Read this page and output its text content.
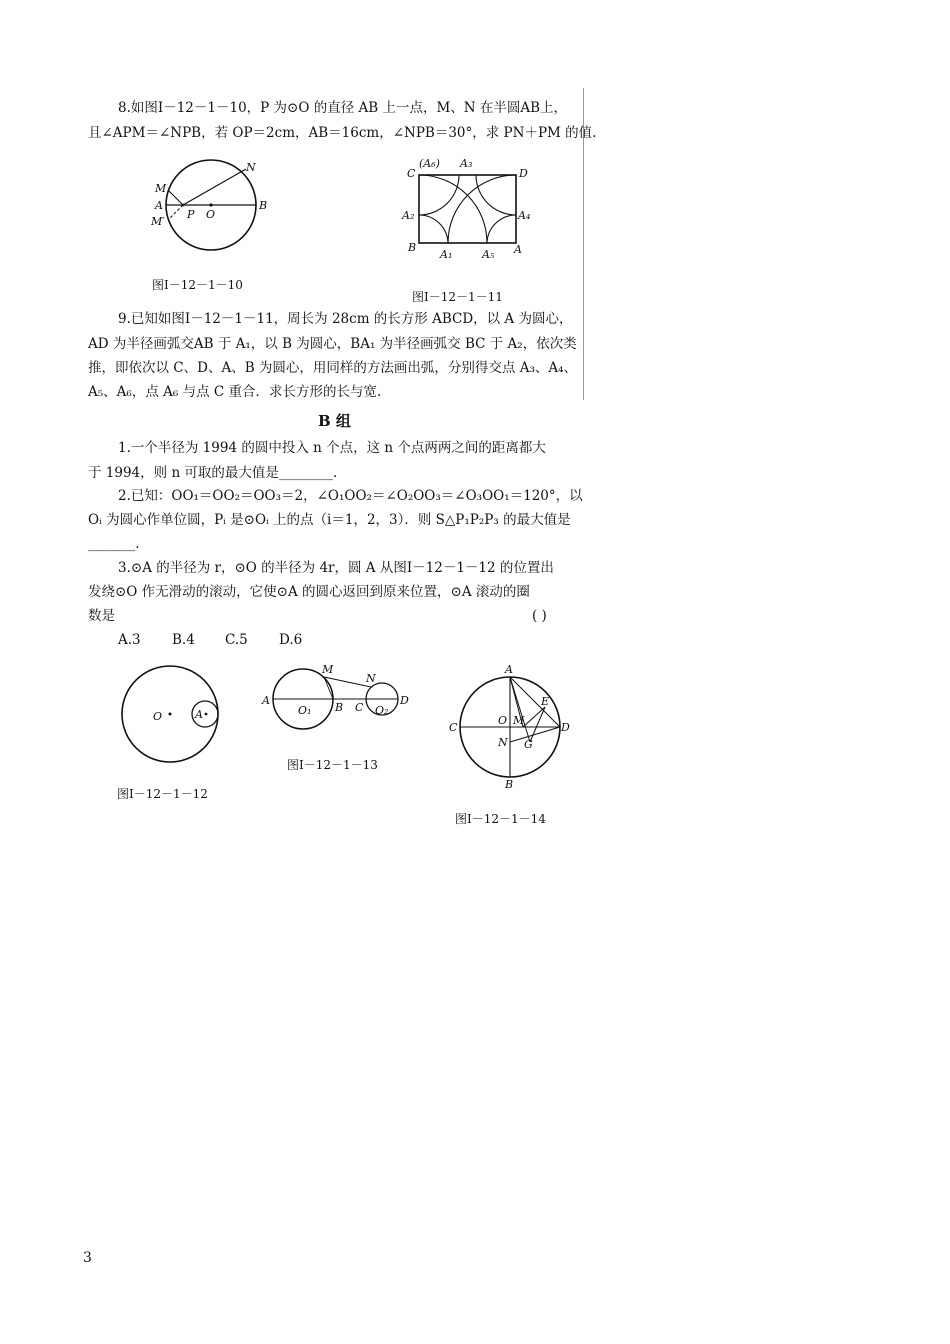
8.如图Ⅰ－12－1－10，P 为⊙O 的直径 AB 上一点，M、N 在半圆AB上，
且∠APM＝∠NPB，若 OP＝2cm，AB＝16cm，∠NPB＝30°，求 PN＋PM 的值.
N
M
A
M′
P O
B
图Ⅰ－12－1－10
C
(A₆) A₃
D
A₂	A₄
B
A₁	A₅ A
图Ⅰ－12－1－11
9.已知如图Ⅰ－12－1－11，周长为 28cm 的长方形 ABCD，以 A 为圆心，
AD 为半径画弧交AB 于 A₁，以 B 为圆心，BA₁ 为半径画弧交 BC 于 A₂，依次类
推，即依次以 C、D、A、B 为圆心，用同样的方法画出弧，分别得交点 A₃、A₄、
A₅、A₆，点 A₆ 与点 C 重合．求长方形的长与宽.
B 组
1.一个半径为 1994 的圆中投入 n 个点，这 n 个点两两之间的距离都大
于 1994，则 n 可取的最大值是________.
2.已知：OO₁＝OO₂＝OO₃＝2，∠O₁OO₂＝∠O₂OO₃＝∠O₃OO₁＝120°，以
Oᵢ 为圆心作单位圆，Pᵢ 是⊙Oᵢ 上的点（i＝1，2，3）．则 S△P₁P₂P₃ 的最大值是
_______.
3.⊙A 的半径为 r，⊙O 的半径为 4r，圆 A 从图Ⅰ－12－1－12 的位置出
发绕⊙O 作无滑动的滚动，它使⊙A 的圆心返回到原来位置，⊙A 滚动的圈
数是	( )
A.3 B.4 C.5 D.6
O	A
图Ⅰ－12－1－12
M
N
A
O₁ B C O₂
D
图Ⅰ－12－1－13
A
C
O M
E
D
N G
B
图Ⅰ－12－1－14
3
